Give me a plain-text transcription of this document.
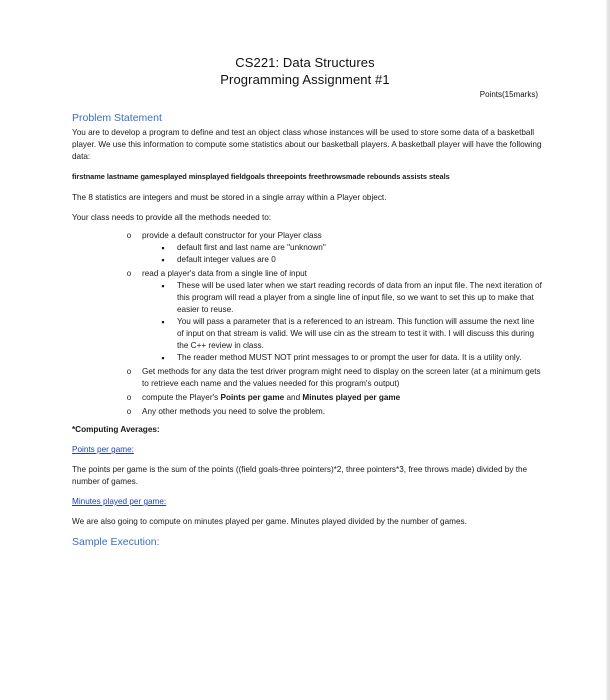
CS221: Data Structures
Programming Assignment #1
Points(15marks)
Problem Statement

You are to develop a program to define and test an object class whose instances will be used to store some data of a basketball player. We use this information to compute some statistics about our basketball players. A basketball player will have the following data:

firstname lastname gamesplayed minsplayed fieldgoals threepoints freethrowsmade rebounds assists steals

The 8 statistics are integers and must be stored in a single array within a Player object.

Your class needs to provide all the methods needed to:

o	provide a default constructor for your Player class
▪	default first and last name are "unknown"
▪	default integer values are 0
o	read a player's data from a single line of input
▪	These will be used later when we start reading records of data from an input file. The next iteration of this program will read a player from a single line of input file, so we want to set this up to make that easier to reuse.
▪	You will pass a parameter that is a referenced to an istream. This function will assume the next line of input on that stream is valid. We will use cin as the stream to test it with. I will discuss this during the C++ review in class.
▪	The reader method MUST NOT print messages to or prompt the user for data. It is a utility only.
o	Get methods for any data the test driver program might need to display on the screen later (at a minimum gets to retrieve each name and the values needed for this program's output)
o	compute the Player's Points per game and Minutes played per game
o	Any other methods you need to solve the problem.
*Computing Averages:
Points per game:

The points per game is the sum of the points ((field goals-three pointers)*2, three pointers*3, free throws made) divided by the number of games.

Minutes played per game:

We are also going to compute on minutes played per game. Minutes played divided by the number of games.

Sample Execution:
